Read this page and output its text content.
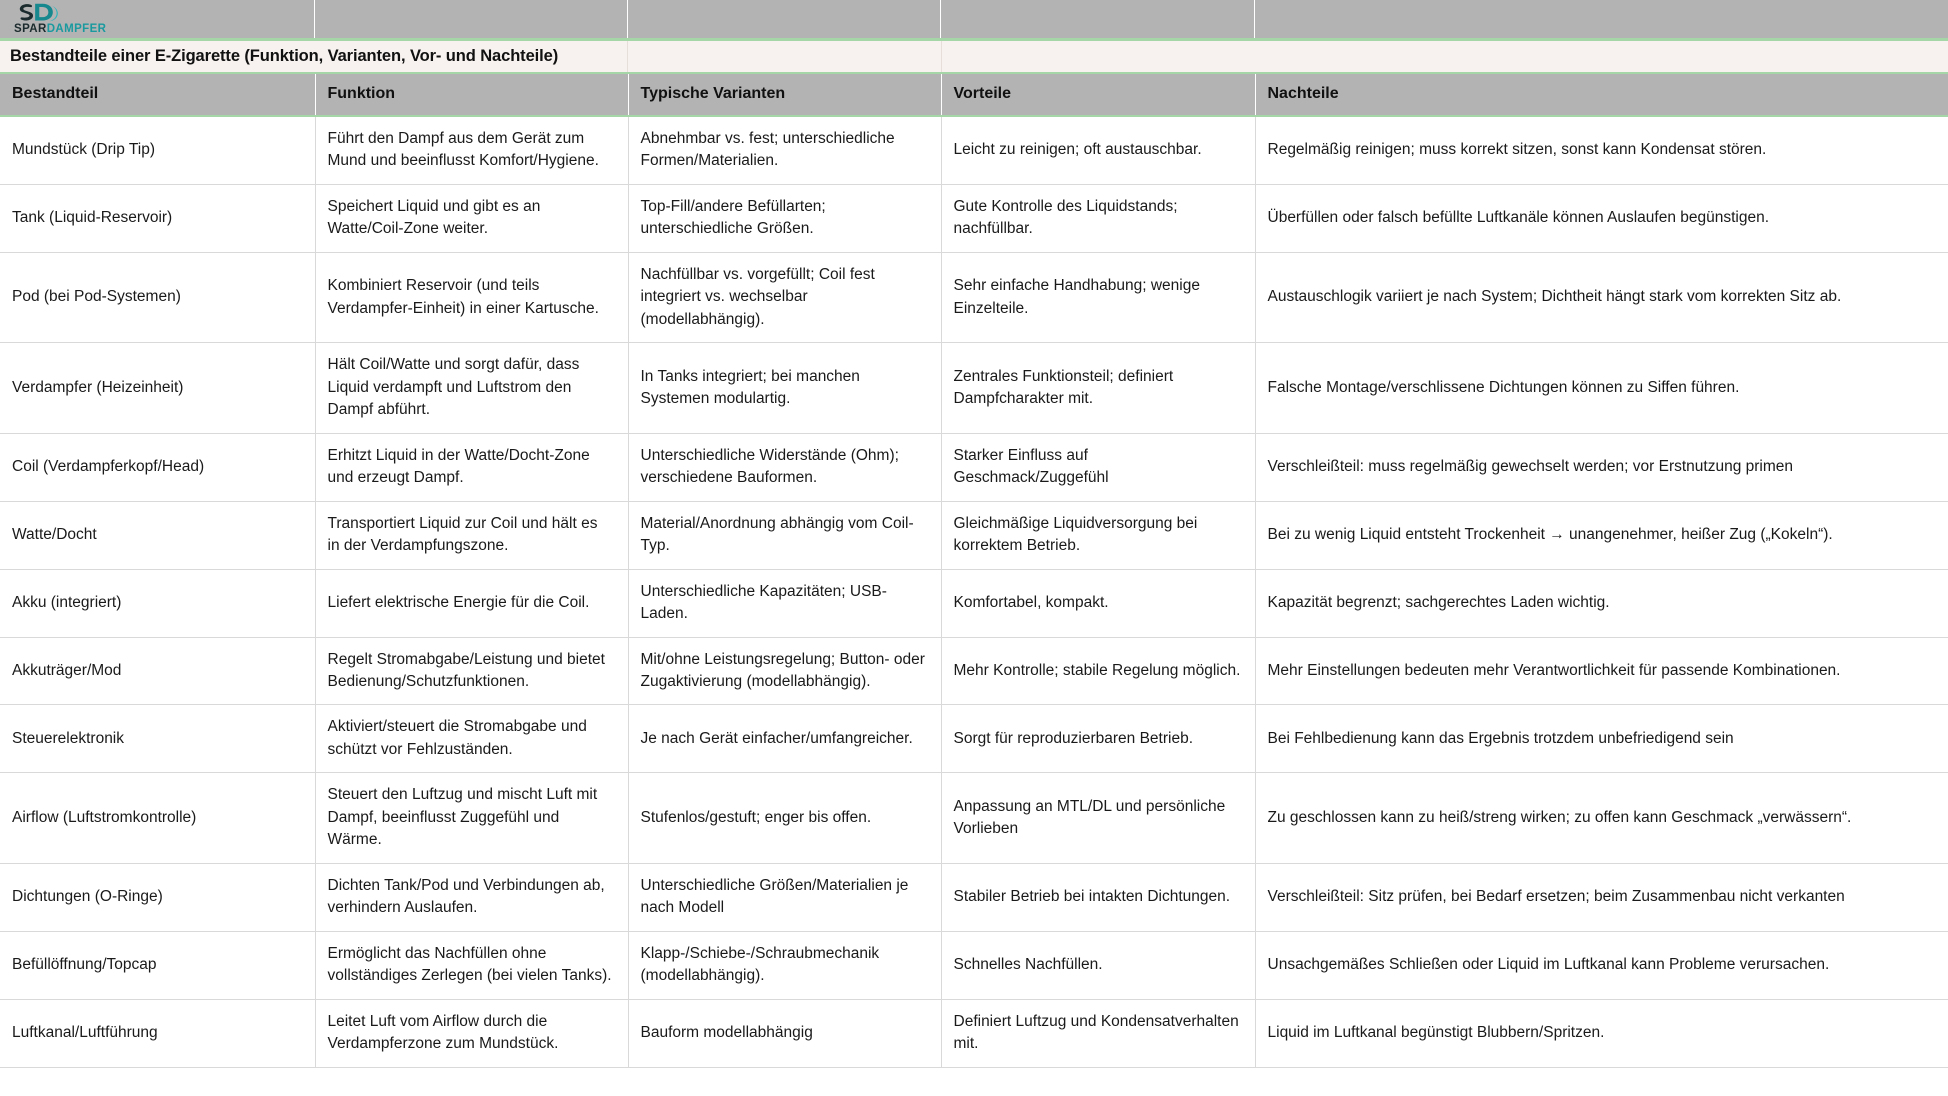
SPARDAMPFER
Bestandteile einer E-Zigarette (Funktion, Varianten, Vor- und Nachteile)
Bestandteil	Funktion	Typische Varianten	Vorteile	Nachteile
Mundstück (Drip Tip)	Führt den Dampf aus dem Gerät zum Mund und beeinflusst Komfort/Hygiene.	Abnehmbar vs. fest; unterschiedliche Formen/Materialien.	Leicht zu reinigen; oft austauschbar.	Regelmäßig reinigen; muss korrekt sitzen, sonst kann Kondensat stören.
Tank (Liquid-Reservoir)	Speichert Liquid und gibt es an Watte/Coil-Zone weiter.	Top-Fill/andere Befüllarten; unterschiedliche Größen.	Gute Kontrolle des Liquidstands; nachfüllbar.	Überfüllen oder falsch befüllte Luftkanäle können Auslaufen begünstigen.
Pod (bei Pod-Systemen)	Kombiniert Reservoir (und teils Verdampfer-Einheit) in einer Kartusche.	Nachfüllbar vs. vorgefüllt; Coil fest integriert vs. wechselbar (modellabhängig).	Sehr einfache Handhabung; wenige Einzelteile.	Austauschlogik variiert je nach System; Dichtheit hängt stark vom korrekten Sitz ab.
Verdampfer (Heizeinheit)	Hält Coil/Watte und sorgt dafür, dass Liquid verdampft und Luftstrom den Dampf abführt.	In Tanks integriert; bei manchen Systemen modulartig.	Zentrales Funktionsteil; definiert Dampfcharakter mit.	Falsche Montage/verschlissene Dichtungen können zu Siffen führen.
Coil (Verdampferkopf/Head)	Erhitzt Liquid in der Watte/Docht-Zone und erzeugt Dampf.	Unterschiedliche Widerstände (Ohm); verschiedene Bauformen.	Starker Einfluss auf Geschmack/Zuggefühl	Verschleißteil: muss regelmäßig gewechselt werden; vor Erstnutzung primen
Watte/Docht	Transportiert Liquid zur Coil und hält es in der Verdampfungszone.	Material/Anordnung abhängig vom Coil-Typ.	Gleichmäßige Liquidversorgung bei korrektem Betrieb.	Bei zu wenig Liquid entsteht Trockenheit → unangenehmer, heißer Zug („Kokeln“).
Akku (integriert)	Liefert elektrische Energie für die Coil.	Unterschiedliche Kapazitäten; USB-Laden.	Komfortabel, kompakt.	Kapazität begrenzt; sachgerechtes Laden wichtig.
Akkuträger/Mod	Regelt Stromabgabe/Leistung und bietet Bedienung/Schutzfunktionen.	Mit/ohne Leistungsregelung; Button- oder Zugaktivierung (modellabhängig).	Mehr Kontrolle; stabile Regelung möglich.	Mehr Einstellungen bedeuten mehr Verantwortlichkeit für passende Kombinationen.
Steuerelektronik	Aktiviert/steuert die Stromabgabe und schützt vor Fehlzuständen.	Je nach Gerät einfacher/umfangreicher.	Sorgt für reproduzierbaren Betrieb.	Bei Fehlbedienung kann das Ergebnis trotzdem unbefriedigend sein
Airflow (Luftstromkontrolle)	Steuert den Luftzug und mischt Luft mit Dampf, beeinflusst Zuggefühl und Wärme.	Stufenlos/gestuft; enger bis offen.	Anpassung an MTL/DL und persönliche Vorlieben	Zu geschlossen kann zu heiß/streng wirken; zu offen kann Geschmack „verwässern“.
Dichtungen (O-Ringe)	Dichten Tank/Pod und Verbindungen ab, verhindern Auslaufen.	Unterschiedliche Größen/Materialien je nach Modell	Stabiler Betrieb bei intakten Dichtungen.	Verschleißteil: Sitz prüfen, bei Bedarf ersetzen; beim Zusammenbau nicht verkanten
Befüllöffnung/Topcap	Ermöglicht das Nachfüllen ohne vollständiges Zerlegen (bei vielen Tanks).	Klapp-/Schiebe-/Schraubmechanik (modellabhängig).	Schnelles Nachfüllen.	Unsachgemäßes Schließen oder Liquid im Luftkanal kann Probleme verursachen.
Luftkanal/Luftführung	Leitet Luft vom Airflow durch die Verdampferzone zum Mundstück.	Bauform modellabhängig	Definiert Luftzug und Kondensatverhalten mit.	Liquid im Luftkanal begünstigt Blubbern/Spritzen.
